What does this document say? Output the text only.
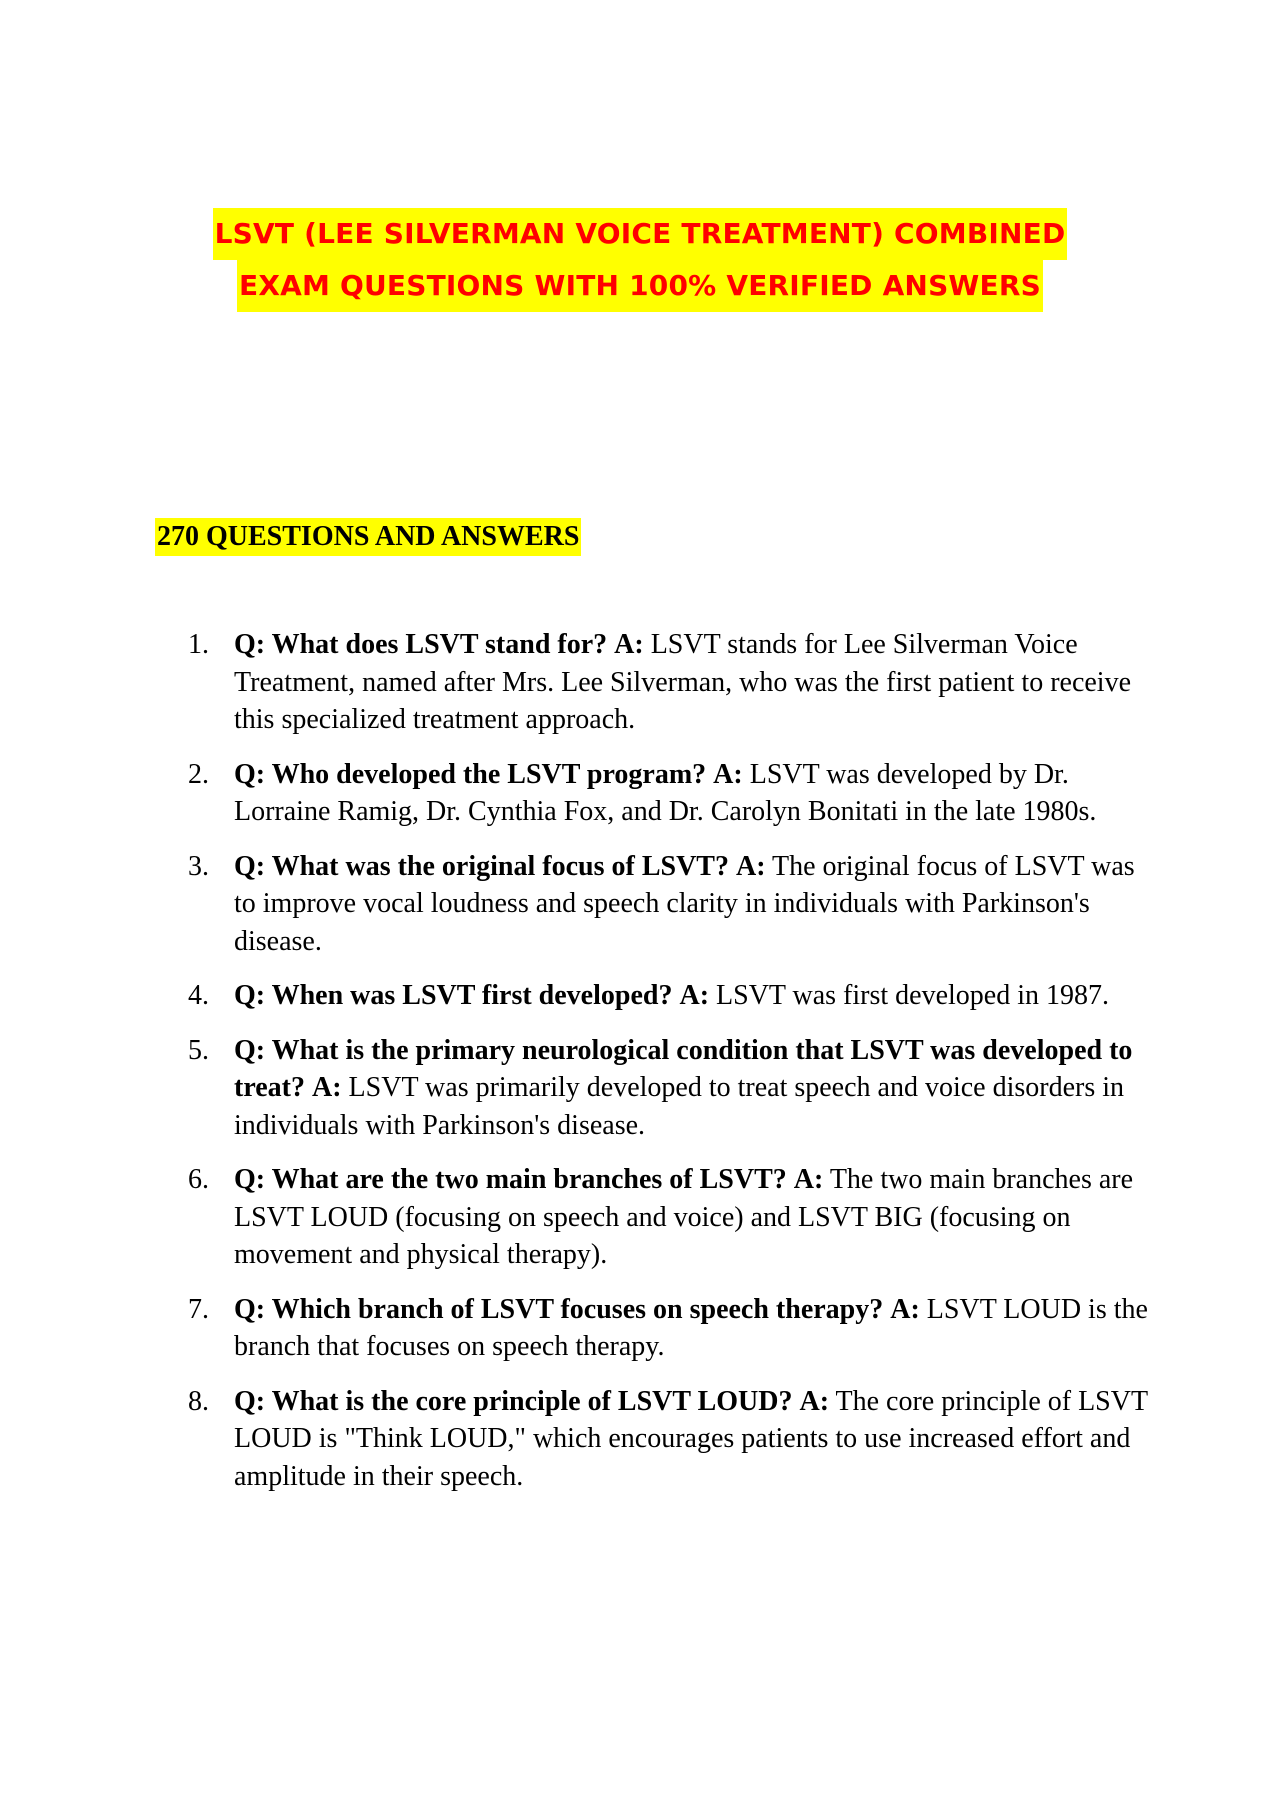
LSVT (LEE SILVERMAN VOICE TREATMENT) COMBINED
EXAM QUESTIONS WITH 100% VERIFIED ANSWERS
270 QUESTIONS AND ANSWERS
1. Q: What does LSVT stand for? A: LSVT stands for Lee Silverman Voice Treatment, named after Mrs. Lee Silverman, who was the first patient to receive this specialized treatment approach.
2. Q: Who developed the LSVT program? A: LSVT was developed by Dr. Lorraine Ramig, Dr. Cynthia Fox, and Dr. Carolyn Bonitati in the late 1980s.
3. Q: What was the original focus of LSVT? A: The original focus of LSVT was to improve vocal loudness and speech clarity in individuals with Parkinson's disease.
4. Q: When was LSVT first developed? A: LSVT was first developed in 1987.
5. Q: What is the primary neurological condition that LSVT was developed to treat? A: LSVT was primarily developed to treat speech and voice disorders in individuals with Parkinson's disease.
6. Q: What are the two main branches of LSVT? A: The two main branches are LSVT LOUD (focusing on speech and voice) and LSVT BIG (focusing on movement and physical therapy).
7. Q: Which branch of LSVT focuses on speech therapy? A: LSVT LOUD is the branch that focuses on speech therapy.
8. Q: What is the core principle of LSVT LOUD? A: The core principle of LSVT LOUD is "Think LOUD," which encourages patients to use increased effort and amplitude in their speech.
